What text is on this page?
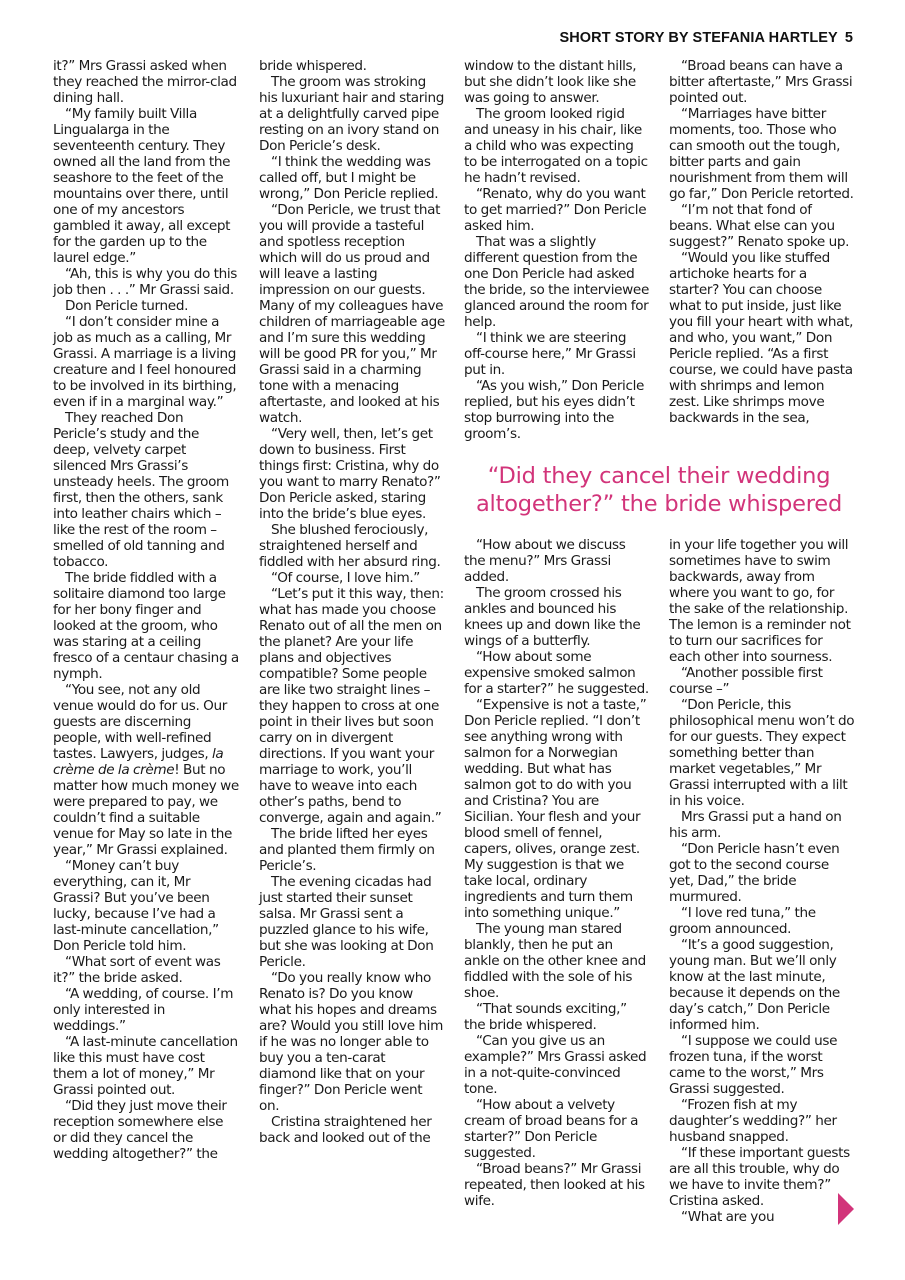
SHORT STORY BY STEFANIA HARTLEY 5

it?” Mrs Grassi asked when they reached the mirror-clad dining hall.

“My family built Villa Lingualarga in the seventeenth century. They owned all the land from the seashore to the feet of the mountains over there, until one of my ancestors gambled it away, all except for the garden up to the laurel edge.”

“Ah, this is why you do this job then . . .” Mr Grassi said.

Don Pericle turned.

“I don’t consider mine a job as much as a calling, Mr Grassi. A marriage is a living creature and I feel honoured to be involved in its birthing, even if in a marginal way.”

They reached Don Pericle’s study and the deep, velvety carpet silenced Mrs Grassi’s unsteady heels. The groom first, then the others, sank into leather chairs which – like the rest of the room – smelled of old tanning and tobacco.

The bride fiddled with a solitaire diamond too large for her bony finger and looked at the groom, who was staring at a ceiling fresco of a centaur chasing a nymph.

“You see, not any old venue would do for us. Our guests are discerning people, with well-refined tastes. Lawyers, judges, la crème de la crème! But no matter how much money we were prepared to pay, we couldn’t find a suitable venue for May so late in the year,” Mr Grassi explained.

“Money can’t buy everything, can it, Mr Grassi? But you’ve been lucky, because I’ve had a last-minute cancellation,” Don Pericle told him.

“What sort of event was it?” the bride asked.

“A wedding, of course. I’m only interested in weddings.”

“A last-minute cancellation like this must have cost them a lot of money,” Mr Grassi pointed out.

“Did they just move their reception somewhere else or did they cancel the wedding altogether?” the

bride whispered.

The groom was stroking his luxuriant hair and staring at a delightfully carved pipe resting on an ivory stand on Don Pericle’s desk.

“I think the wedding was called off, but I might be wrong,” Don Pericle replied.

“Don Pericle, we trust that you will provide a tasteful and spotless reception which will do us proud and will leave a lasting impression on our guests. Many of my colleagues have children of marriageable age and I’m sure this wedding will be good PR for you,” Mr Grassi said in a charming tone with a menacing aftertaste, and looked at his watch.

“Very well, then, let’s get down to business. First things first: Cristina, why do you want to marry Renato?” Don Pericle asked, staring into the bride’s blue eyes.

She blushed ferociously, straightened herself and fiddled with her absurd ring.

“Of course, I love him.”

“Let’s put it this way, then: what has made you choose Renato out of all the men on the planet? Are your life plans and objectives compatible? Some people are like two straight lines – they happen to cross at one point in their lives but soon carry on in divergent directions. If you want your marriage to work, you’ll have to weave into each other’s paths, bend to converge, again and again.”

The bride lifted her eyes and planted them firmly on Pericle’s.

The evening cicadas had just started their sunset salsa. Mr Grassi sent a puzzled glance to his wife, but she was looking at Don Pericle.

“Do you really know who Renato is? Do you know what his hopes and dreams are? Would you still love him if he was no longer able to buy you a ten-carat diamond like that on your finger?” Don Pericle went on.

Cristina straightened her back and looked out of the

window to the distant hills, but she didn’t look like she was going to answer.

The groom looked rigid and uneasy in his chair, like a child who was expecting to be interrogated on a topic he hadn’t revised.

“Renato, why do you want to get married?” Don Pericle asked him.

That was a slightly different question from the one Don Pericle had asked the bride, so the interviewee glanced around the room for help.

“I think we are steering off-course here,” Mr Grassi put in.

“As you wish,” Don Pericle replied, but his eyes didn’t stop burrowing into the groom’s.

“Broad beans can have a bitter aftertaste,” Mrs Grassi pointed out.

“Marriages have bitter moments, too. Those who can smooth out the tough, bitter parts and gain nourishment from them will go far,” Don Pericle retorted.

“I’m not that fond of beans. What else can you suggest?” Renato spoke up.

“Would you like stuffed artichoke hearts for a starter? You can choose what to put inside, just like you fill your heart with what, and who, you want,” Don Pericle replied. “As a first course, we could have pasta with shrimps and lemon zest. Like shrimps move backwards in the sea,

“Did they cancel their wedding altogether?” the bride whispered

“How about we discuss the menu?” Mrs Grassi added.

The groom crossed his ankles and bounced his knees up and down like the wings of a butterfly.

“How about some expensive smoked salmon for a starter?” he suggested.

“Expensive is not a taste,” Don Pericle replied. “I don’t see anything wrong with salmon for a Norwegian wedding. But what has salmon got to do with you and Cristina? You are Sicilian. Your flesh and your blood smell of fennel, capers, olives, orange zest. My suggestion is that we take local, ordinary ingredients and turn them into something unique.”

The young man stared blankly, then he put an ankle on the other knee and fiddled with the sole of his shoe.

“That sounds exciting,” the bride whispered.

“Can you give us an example?” Mrs Grassi asked in a not-quite-convinced tone.

“How about a velvety cream of broad beans for a starter?” Don Pericle suggested.

“Broad beans?” Mr Grassi repeated, then looked at his wife.

in your life together you will sometimes have to swim backwards, away from where you want to go, for the sake of the relationship. The lemon is a reminder not to turn our sacrifices for each other into sourness.

“Another possible first course –”

“Don Pericle, this philosophical menu won’t do for our guests. They expect something better than market vegetables,” Mr Grassi interrupted with a lilt in his voice.

Mrs Grassi put a hand on his arm.

“Don Pericle hasn’t even got to the second course yet, Dad,” the bride murmured.

“I love red tuna,” the groom announced.

“It’s a good suggestion, young man. But we’ll only know at the last minute, because it depends on the day’s catch,” Don Pericle informed him.

“I suppose we could use frozen tuna, if the worst came to the worst,” Mrs Grassi suggested.

“Frozen fish at my daughter’s wedding?” her husband snapped.

“If these important guests are all this trouble, why do we have to invite them?” Cristina asked.

“What are you
